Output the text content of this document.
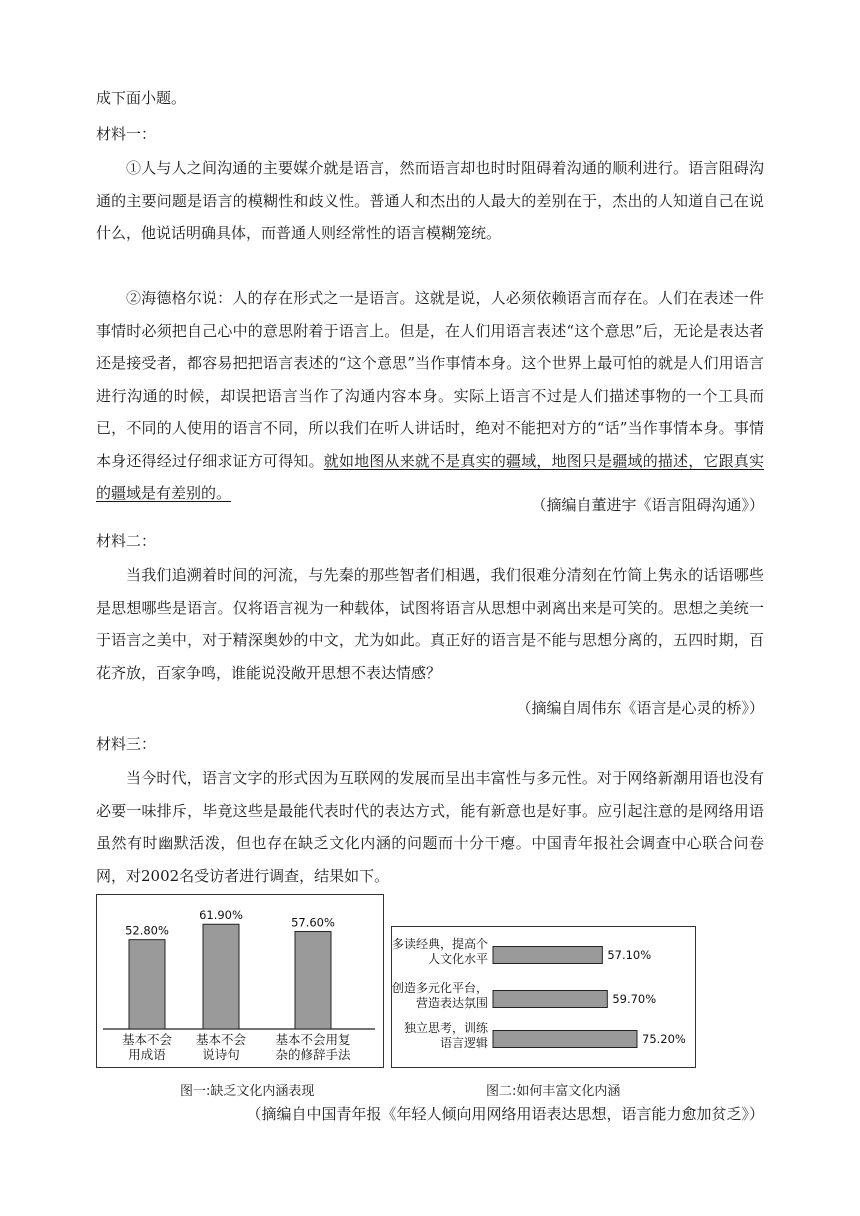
成下面小题。
材料一：
①人与人之间沟通的主要媒介就是语言，然而语言却也时时阻碍着沟通的顺利进行。语言阻碍沟通的主要问题是语言的模糊性和歧义性。普通人和杰出的人最大的差别在于，杰出的人知道自己在说什么，他说话明确具体，而普通人则经常性的语言模糊笼统。
②海德格尔说：人的存在形式之一是语言。这就是说，人必须依赖语言而存在。人们在表述一件事情时必须把自己心中的意思附着于语言上。但是，在人们用语言表述“这个意思”后，无论是表达者还是接受者，都容易把把语言表述的“这个意思”当作事情本身。这个世界上最可怕的就是人们用语言进行沟通的时候，却误把语言当作了沟通内容本身。实际上语言不过是人们描述事物的一个工具而已，不同的人使用的语言不同，所以我们在听人讲话时，绝对不能把对方的“话”当作事情本身。事情本身还得经过仔细求证方可得知。就如地图从来就不是真实的疆域，地图只是疆域的描述，它跟真实的疆域是有差别的。
（摘编自董进宇《语言阻碍沟通》）
材料二：
当我们追溯着时间的河流，与先秦的那些智者们相遇，我们很难分清刻在竹简上隽永的话语哪些是思想哪些是语言。仅将语言视为一种载体，试图将语言从思想中剥离出来是可笑的。思想之美统一于语言之美中，对于精深奥妙的中文，尤为如此。真正好的语言是不能与思想分离的，五四时期，百花齐放，百家争鸣，谁能说没敞开思想不表达情感？
（摘编自周伟东《语言是心灵的桥》）
材料三：
当今时代，语言文字的形式因为互联网的发展而呈出丰富性与多元性。对于网络新潮用语也没有必要一味排斥，毕竟这些是最能代表时代的表达方式，能有新意也是好事。应引起注意的是网络用语虽然有时幽默活泼，但也存在缺乏文化内涵的问题而十分干瘪。中国青年报社会调查中心联合问卷网，对2002名受访者进行调查，结果如下。
52.80%
基本不会用成语
61.90%
基本不会说诗句
57.60%
基本不会用复杂的修辞手法
图一:缺乏文化内涵表现
57.10%
多读经典，提高个人文化水平
59.70%
创造多元化平台，营造表达氛围
75.20%
独立思考，训练语言逻辑
图二:如何丰富文化内涵
（摘编自中国青年报《年轻人倾向用网络用语表达思想，语言能力愈加贫乏》）
